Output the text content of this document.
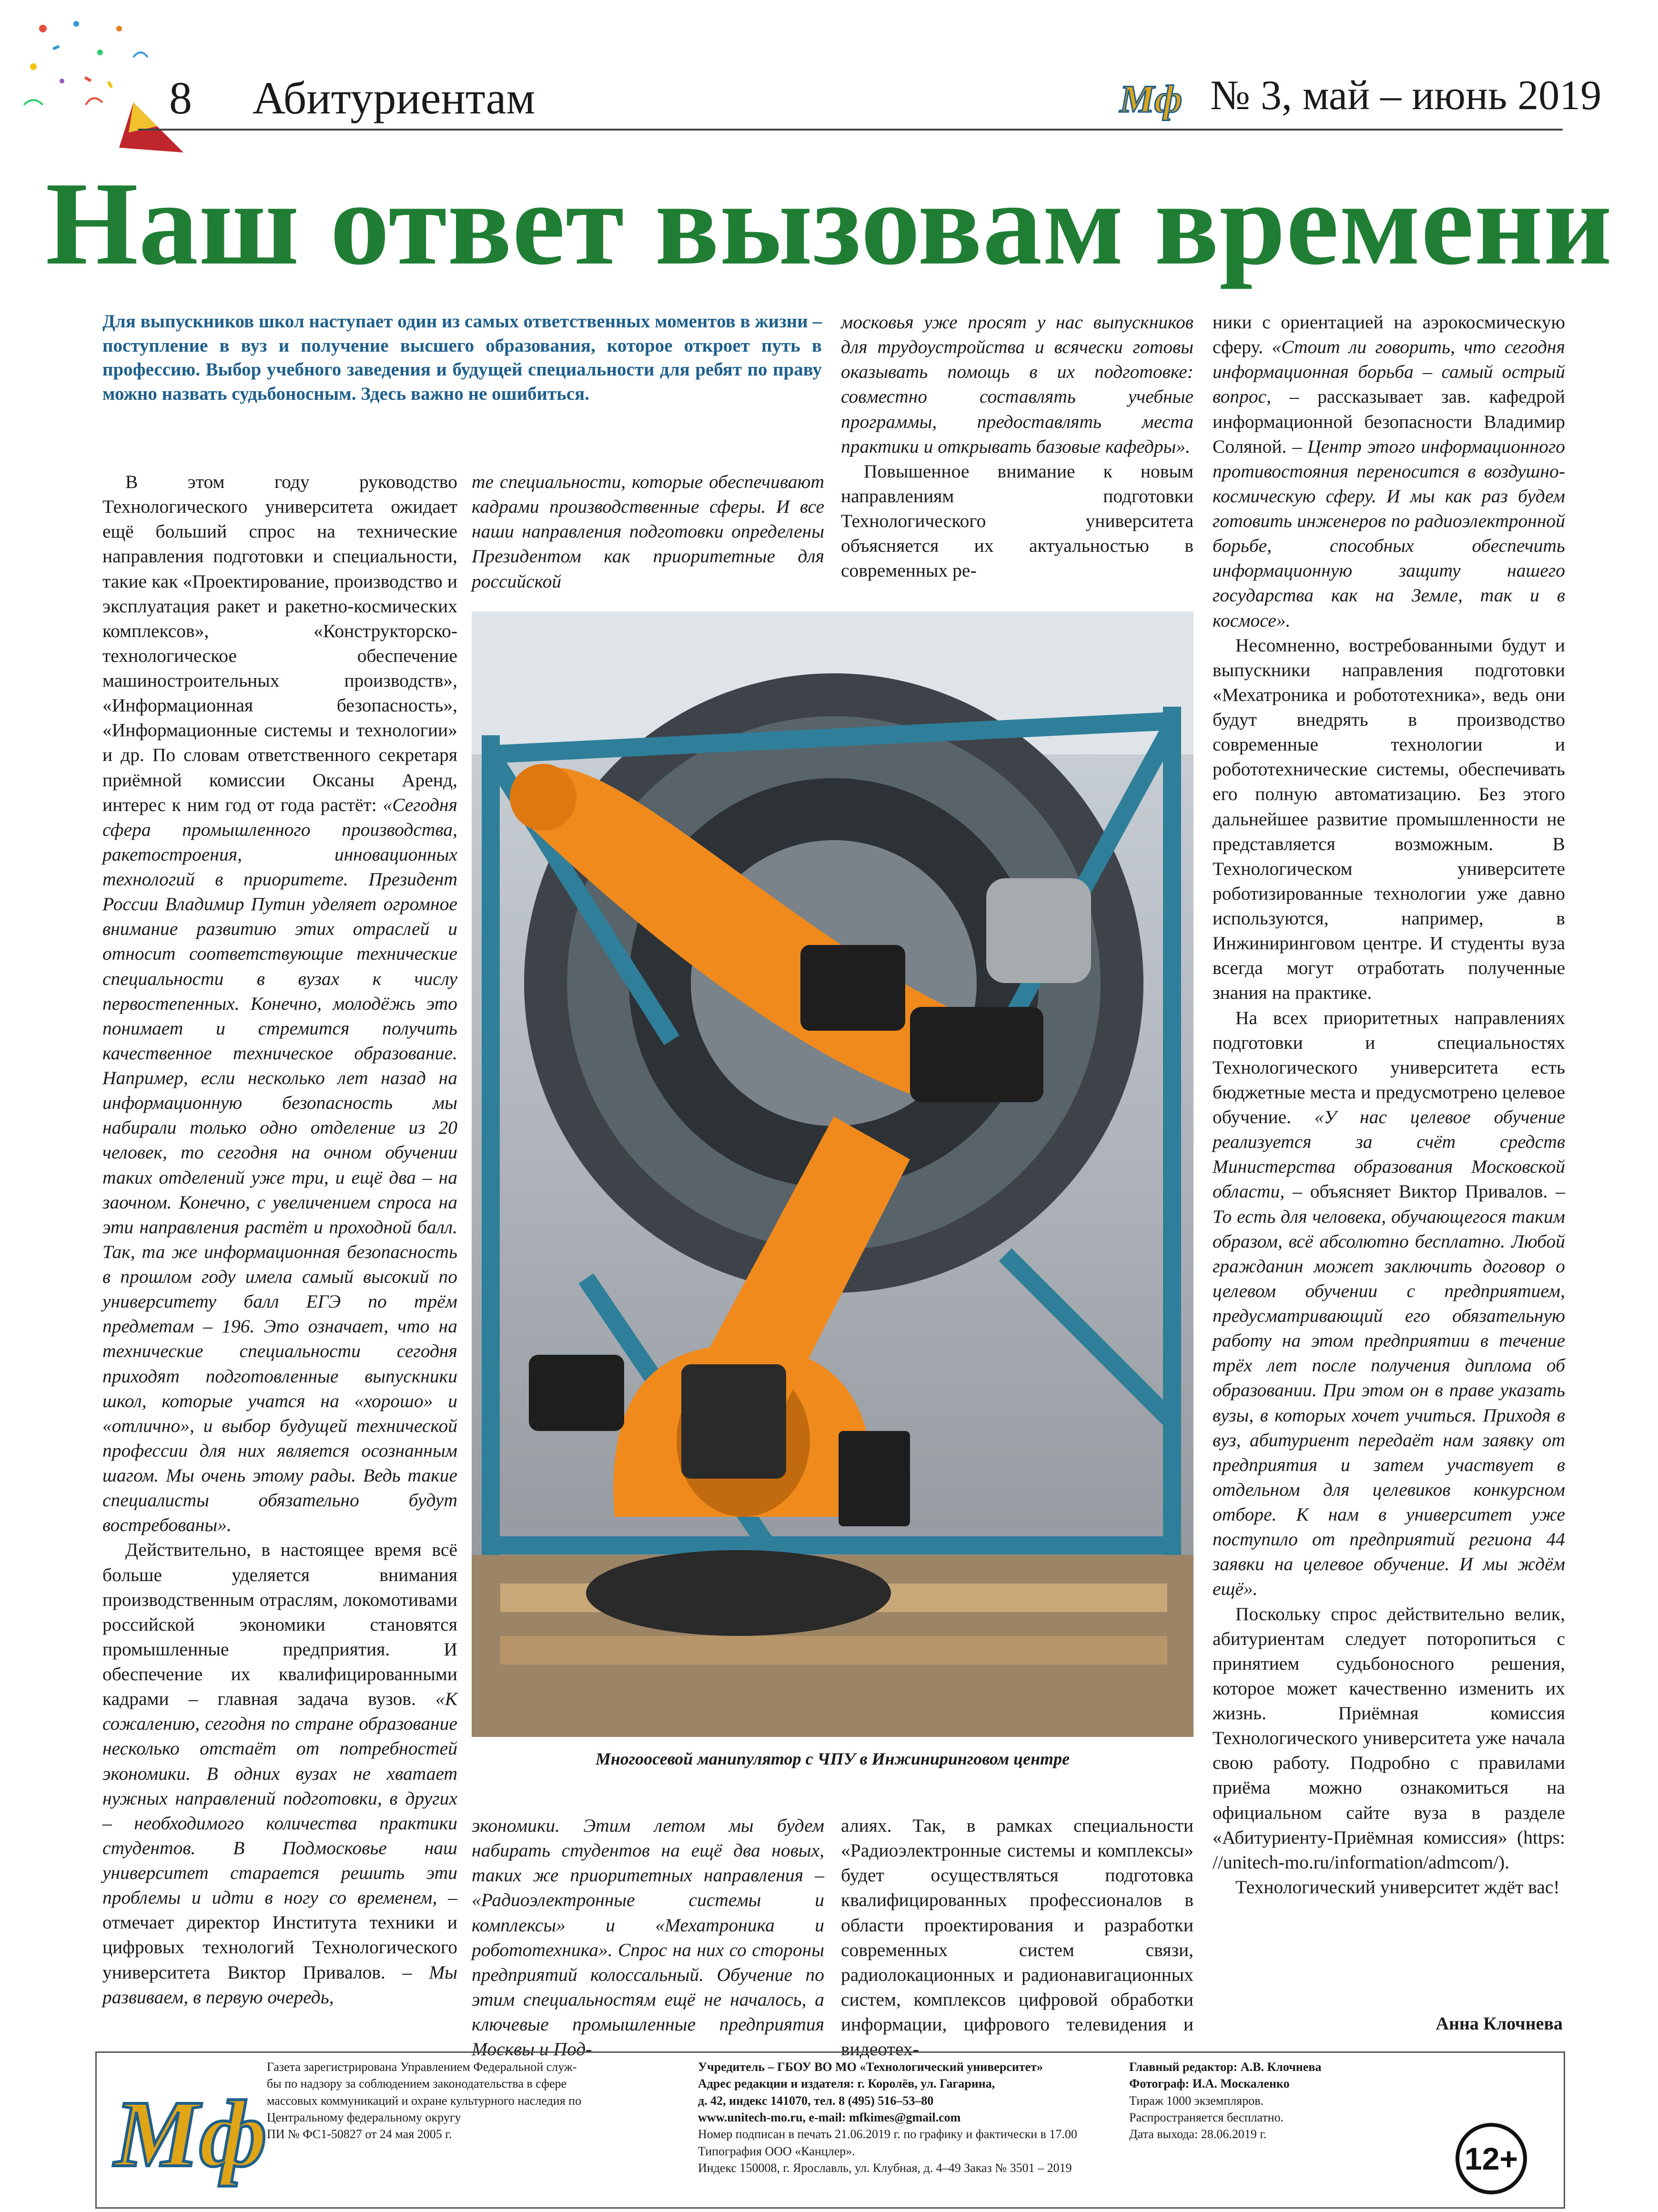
8 Абитуриентам	Мф № 3, май – июнь 2019
Наш ответ вызовам времени
Для выпускников школ наступает один из самых ответственных моментов в жизни – поступление в вуз и получение высшего образования, которое откроет путь в профессию. Выбор учебного заведения и будущей специальности для ребят по праву можно назвать судьбоносным. Здесь важно не ошибиться.

В этом году руководство Технологического университета ожидает ещё больший спрос на технические направления подготовки и специальности, такие как «Проектирование, производство и эксплуатация ракет и ракетно-космических комплексов», «Конструкторско-технологическое обеспечение машиностроительных производств», «Информационная безопасность», «Информационные системы и технологии» и др. По словам ответственного секретаря приёмной комиссии Оксаны Аренд, интерес к ним год от года растёт: «Сегодня сфера промышленного производства, ракетостроения, инновационных технологий в приоритете. Президент России Владимир Путин уделяет огромное внимание развитию этих отраслей и относит соответствующие технические специальности в вузах к числу первостепенных. Конечно, молодёжь это понимает и стремится получить качественное техническое образование. Например, если несколько лет назад на информационную безопасность мы набирали только одно отделение из 20 человек, то сегодня на очном обучении таких отделений уже три, и ещё два – на заочном. Конечно, с увеличением спроса на эти направления растёт и проходной балл. Так, та же информационная безопасность в прошлом году имела самый высокий по университету балл ЕГЭ по трём предметам – 196. Это означает, что на технические специальности сегодня приходят подготовленные выпускники школ, которые учатся на «хорошо» и «отлично», и выбор будущей технической профессии для них является осознанным шагом. Мы очень этому рады. Ведь такие специалисты обязательно будут востребованы».

Действительно, в настоящее время всё больше уделяется внимания производственным отраслям, локомотивами российской экономики становятся промышленные предприятия. И обеспечение их квалифицированными кадрами – главная задача вузов. «К сожалению, сегодня по стране образование несколько отстаёт от потребностей экономики. В одних вузах не хватает нужных направлений подготовки, в других – необходимого количества практики студентов. В Подмосковье наш университет старается решить эти проблемы и идти в ногу со временем, – отмечает директор Института техники и цифровых технологий Технологического университета Виктор Привалов. – Мы развиваем, в первую очередь,

те специальности, которые обеспечивают кадрами производственные сферы. И все наши направления подготовки определены Президентом как приоритетные для российской

московья уже просят у нас выпускников для трудоустройства и всячески готовы оказывать помощь в их подготовке: совместно составлять учебные программы, предоставлять места практики и открывать базовые кафедры».

Повышенное внимание к новым направлениям подготовки Технологического университета объясняется их актуальностью в современных ре-

ники с ориентацией на аэрокосмическую сферу. «Стоит ли говорить, что сегодня информационная борьба – самый острый вопрос, – рассказывает зав. кафедрой информационной безопасности Владимир Соляной. – Центр этого информационного противостояния переносится в воздушно-космическую сферу. И мы как раз будем готовить инженеров по радиоэлектронной борьбе, способных обеспечить информационную защиту нашего государства как на Земле, так и в космосе».

Несомненно, востребованными будут и выпускники направления подготовки «Мехатроника и робототехника», ведь они будут внедрять в производство современные технологии и робототехнические системы, обеспечивать его полную автоматизацию. Без этого дальнейшее развитие промышленности не представляется возможным. В Технологическом университете роботизированные технологии уже давно используются, например, в Инжиниринговом центре. И студенты вуза всегда могут отработать полученные знания на практике.

На всех приоритетных направлениях подготовки и специальностях Технологического университета есть бюджетные места и предусмотрено целевое обучение. «У нас целевое обучение реализуется за счёт средств Министерства образования Московской области, – объясняет Виктор Привалов. – То есть для человека, обучающегося таким образом, всё абсолютно бесплатно. Любой гражданин может заключить договор о целевом обучении с предприятием, предусматривающий его обязательную работу на этом предприятии в течение трёх лет после получения диплома об образовании. При этом он в праве указать вузы, в которых хочет учиться. Приходя в вуз, абитуриент передаёт нам заявку от предприятия и затем участвует в отдельном для целевиков конкурсном отборе. К нам в университет уже поступило от предприятий региона 44 заявки на целевое обучение. И мы ждём ещё».

Поскольку спрос действительно велик, абитуриентам следует поторопиться с принятием судьбоносного решения, которое может качественно изменить их жизнь. Приёмная комиссия Технологического университета уже начала свою работу. Подробно с правилами приёма можно ознакомиться на официальном сайте вуза в разделе «Абитуриенту-Приёмная комиссия» (https: //unitech-mo.ru/information/admcom/).

Технологический университет ждёт вас!

Многоосевой манипулятор с ЧПУ в Инжиниринговом центре

экономики. Этим летом мы будем набирать студентов на ещё два новых, таких же приоритетных направления – «Радиоэлектронные системы и комплексы» и «Мехатроника и робототехника». Спрос на них со стороны предприятий колоссальный. Обучение по этим специальностям ещё не началось, а ключевые промышленные предприятия Москвы и Под-

алиях. Так, в рамках специальности «Радиоэлектронные системы и комплексы» будет осуществляться подготовка квалифицированных профессионалов в области проектирования и разработки современных систем связи, радиолокационных и радионавигационных систем, комплексов цифровой обработки информации, цифрового телевидения и видеотех-

Анна Клочнева
Мф
Газета зарегистрирована Управлением Федеральной служ-
бы по надзору за соблюдением законодательства в сфере
массовых коммуникаций и охране культурного наследия по
Центральному федеральному округу
ПИ № ФС1-50827 от 24 мая 2005 г.
Учредитель – ГБОУ ВО МО «Технологический университет»
Адрес редакции и издателя: г. Королёв, ул. Гагарина,
д. 42, индекс 141070, тел. 8 (495) 516–53–80
www.unitech-mo.ru, e-mail: mfkimes@gmail.com
Номер подписан в печать 21.06.2019 г. по графику и фактически в 17.00
Типография ООО «Канцлер».
Индекс 150008, г. Ярославль, ул. Клубная, д. 4–49 Заказ № 3501 – 2019
Главный редактор: А.В. Клочнева
Фотограф: И.А. Москаленко
Тираж 1000 экземпляров.
Распространяется бесплатно.
Дата выхода: 28.06.2019 г.
12+
